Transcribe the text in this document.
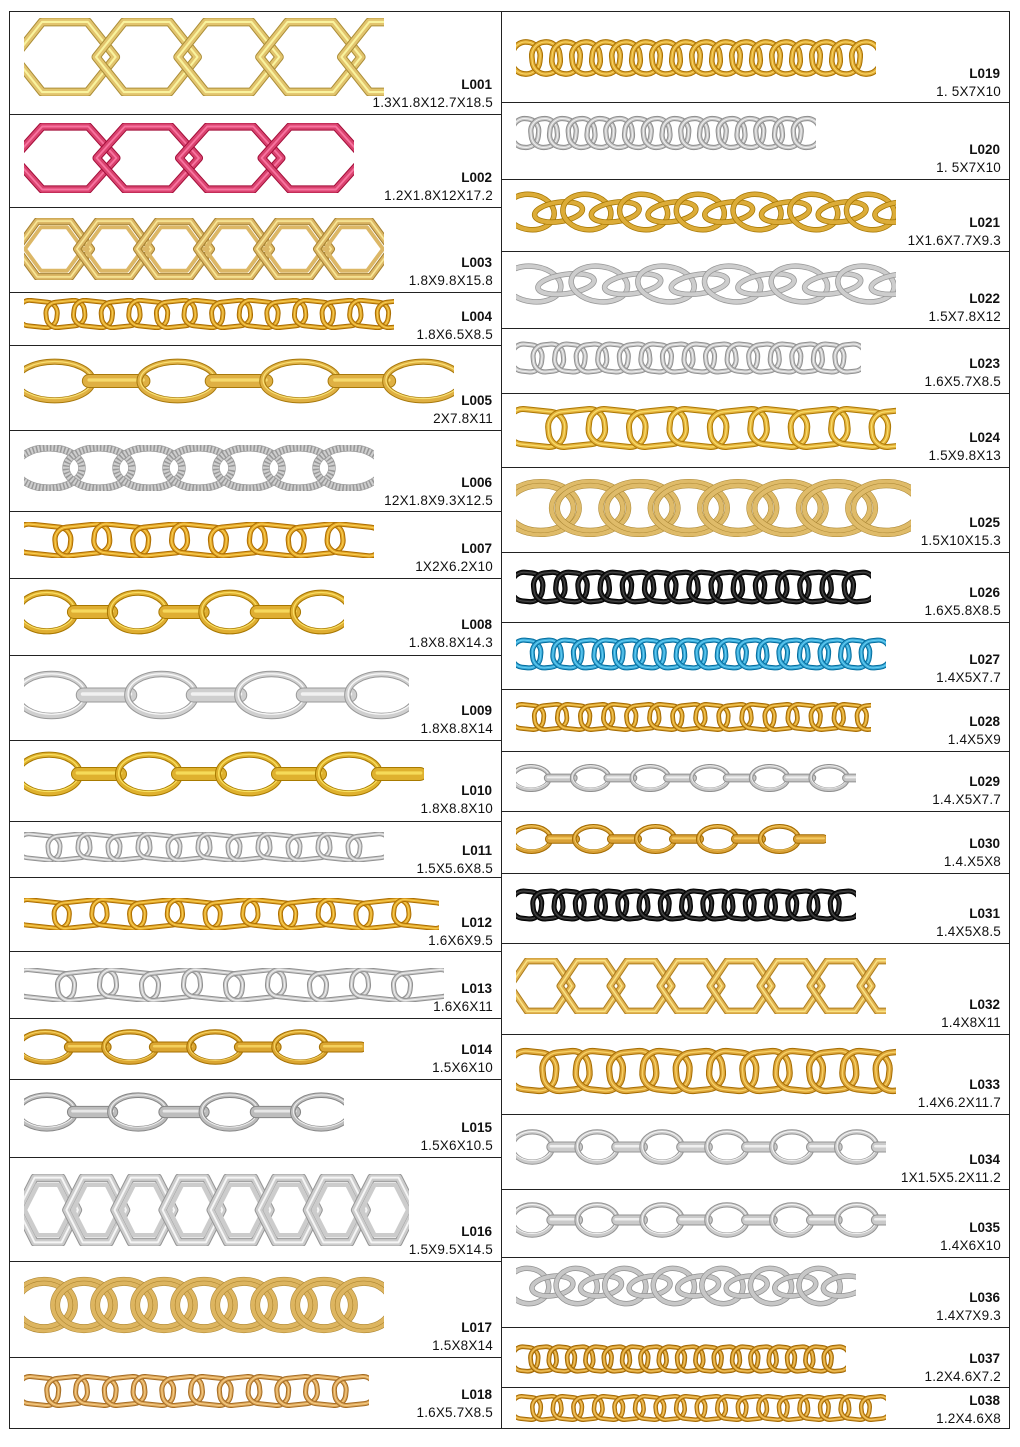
L001
1.3X1.8X12.7X18.5
L002
1.2X1.8X12X17.2
L003
1.8X9.8X15.8
L004
1.8X6.5X8.5
L005
2X7.8X11
L006
12X1.8X9.3X12.5
L007
1X2X6.2X10
L008
1.8X8.8X14.3
L009
1.8X8.8X14
L010
1.8X8.8X10
L011
1.5X5.6X8.5
L012
1.6X6X9.5
L013
1.6X6X11
L014
1.5X6X10
L015
1.5X6X10.5
L016
1.5X9.5X14.5
L017
1.5X8X14
L018
1.6X5.7X8.5
L019
1. 5X7X10
L020
1. 5X7X10
L021
1X1.6X7.7X9.3
L022
1.5X7.8X12
L023
1.6X5.7X8.5
L024
1.5X9.8X13
L025
1.5X10X15.3
L026
1.6X5.8X8.5
L027
1.4X5X7.7
L028
1.4X5X9
L029
1.4.X5X7.7
L030
1.4.X5X8
L031
1.4X5X8.5
L032
1.4X8X11
L033
1.4X6.2X11.7
L034
1X1.5X5.2X11.2
L035
1.4X6X10
L036
1.4X7X9.3
L037
1.2X4.6X7.2
L038
1.2X4.6X8
